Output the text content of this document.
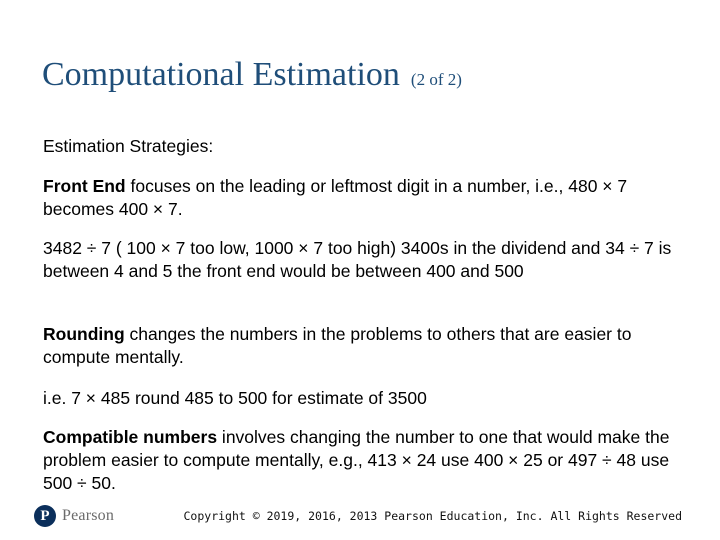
Computational Estimation (2 of 2)

Estimation Strategies:

Front End focuses on the leading or leftmost digit in a number, i.e., 480 × 7 becomes 400 × 7.

3482 ÷ 7 ( 100 × 7 too low, 1000 × 7 too high) 3400s in the dividend and 34 ÷ 7 is between 4 and 5 the front end would be between 400 and 500

Rounding changes the numbers in the problems to others that are easier to compute mentally.

i.e. 7 × 485 round 485 to 500 for estimate of 3500

Compatible numbers involves changing the number to one that would make the problem easier to compute mentally, e.g., 413 × 24 use 400 × 25 or 497 ÷ 48 use 500 ÷ 50.

P Pearson	Copyright © 2019, 2016, 2013 Pearson Education, Inc. All Rights Reserved
